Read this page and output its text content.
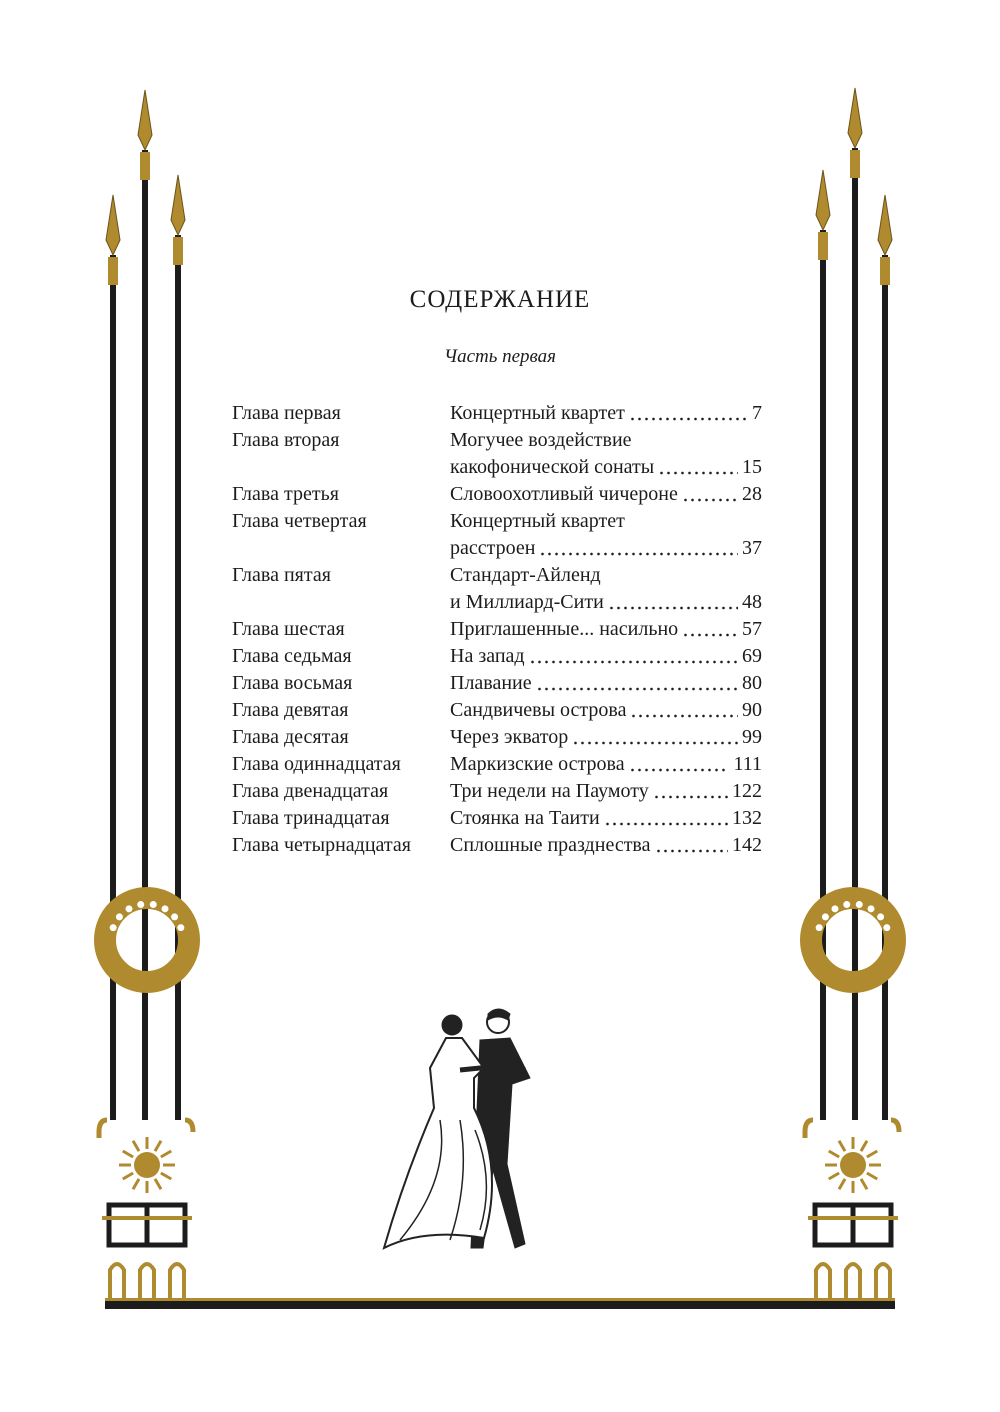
СОДЕРЖАНИЕ
Часть первая
Глава первая	Концертный квартет	7
Глава вторая	Могучее воздействие
какофонической сонаты	15
Глава третья	Словоохотливый чичероне	28
Глава четвертая	Концертный квартет
расстроен	37
Глава пятая	Стандарт-Айленд
и Миллиард-Сити	48
Глава шестая	Приглашенные... насильно	57
Глава седьмая	На запад	69
Глава восьмая	Плавание	80
Глава девятая	Сандвичевы острова	90
Глава десятая	Через экватор	99
Глава одиннадцатая	Маркизские острова	111
Глава двенадцатая	Три недели на Паумоту	122
Глава тринадцатая	Стоянка на Таити	132
Глава четырнадцатая	Сплошные празднества	142
